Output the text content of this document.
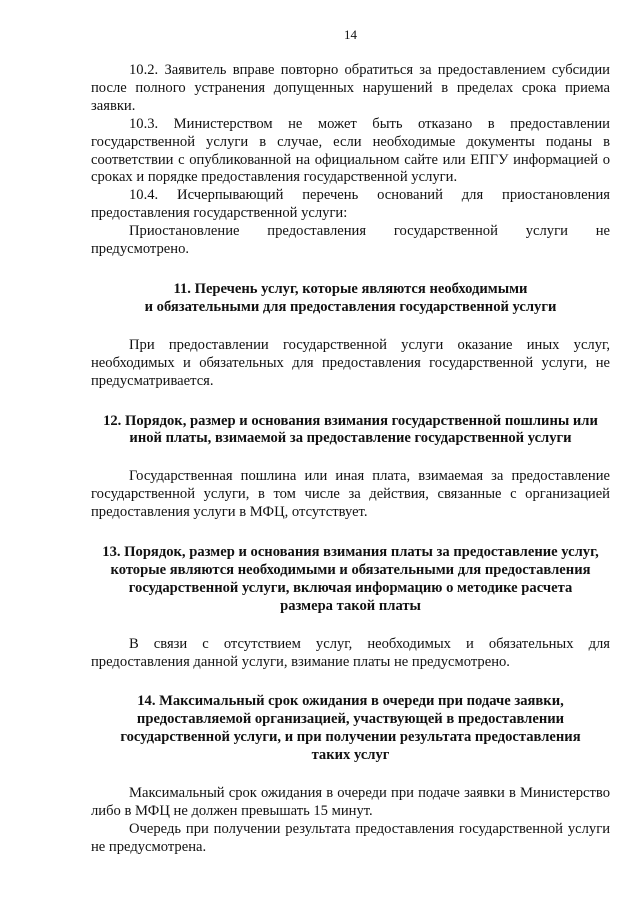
14

10.2. Заявитель вправе повторно обратиться за предоставлением субсидии после полного устранения допущенных нарушений в пределах срока приема заявки.

10.3. Министерством не может быть отказано в предоставлении государственной услуги в случае, если необходимые документы поданы в соответствии с опубликованной на официальном сайте или ЕПГУ информацией о сроках и порядке предоставления государственной услуги.

10.4. Исчерпывающий перечень оснований для приостановления предоставления государственной услуги:

Приостановление предоставления государственной услуги не предусмотрено.

11. Перечень услуг, которые являются необходимыми
и обязательными для предоставления государственной услуги

При предоставлении государственной услуги оказание иных услуг, необходимых и обязательных для предоставления государственной услуги, не предусматривается.

12. Порядок, размер и основания взимания государственной пошлины или
иной платы, взимаемой за предоставление государственной услуги

Государственная пошлина или иная плата, взимаемая за предоставление государственной услуги, в том числе за действия, связанные с организацией предоставления услуги в МФЦ, отсутствует.

13. Порядок, размер и основания взимания платы за предоставление услуг,
которые являются необходимыми и обязательными для предоставления
государственной услуги, включая информацию о методике расчета
размера такой платы

В связи с отсутствием услуг, необходимых и обязательных для предоставления данной услуги, взимание платы не предусмотрено.

14. Максимальный срок ожидания в очереди при подаче заявки,
предоставляемой организацией, участвующей в предоставлении
государственной услуги, и при получении результата предоставления
таких услуг

Максимальный срок ожидания в очереди при подаче заявки в Министерство либо в МФЦ не должен превышать 15 минут.

Очередь при получении результата предоставления государственной услуги не предусмотрена.
